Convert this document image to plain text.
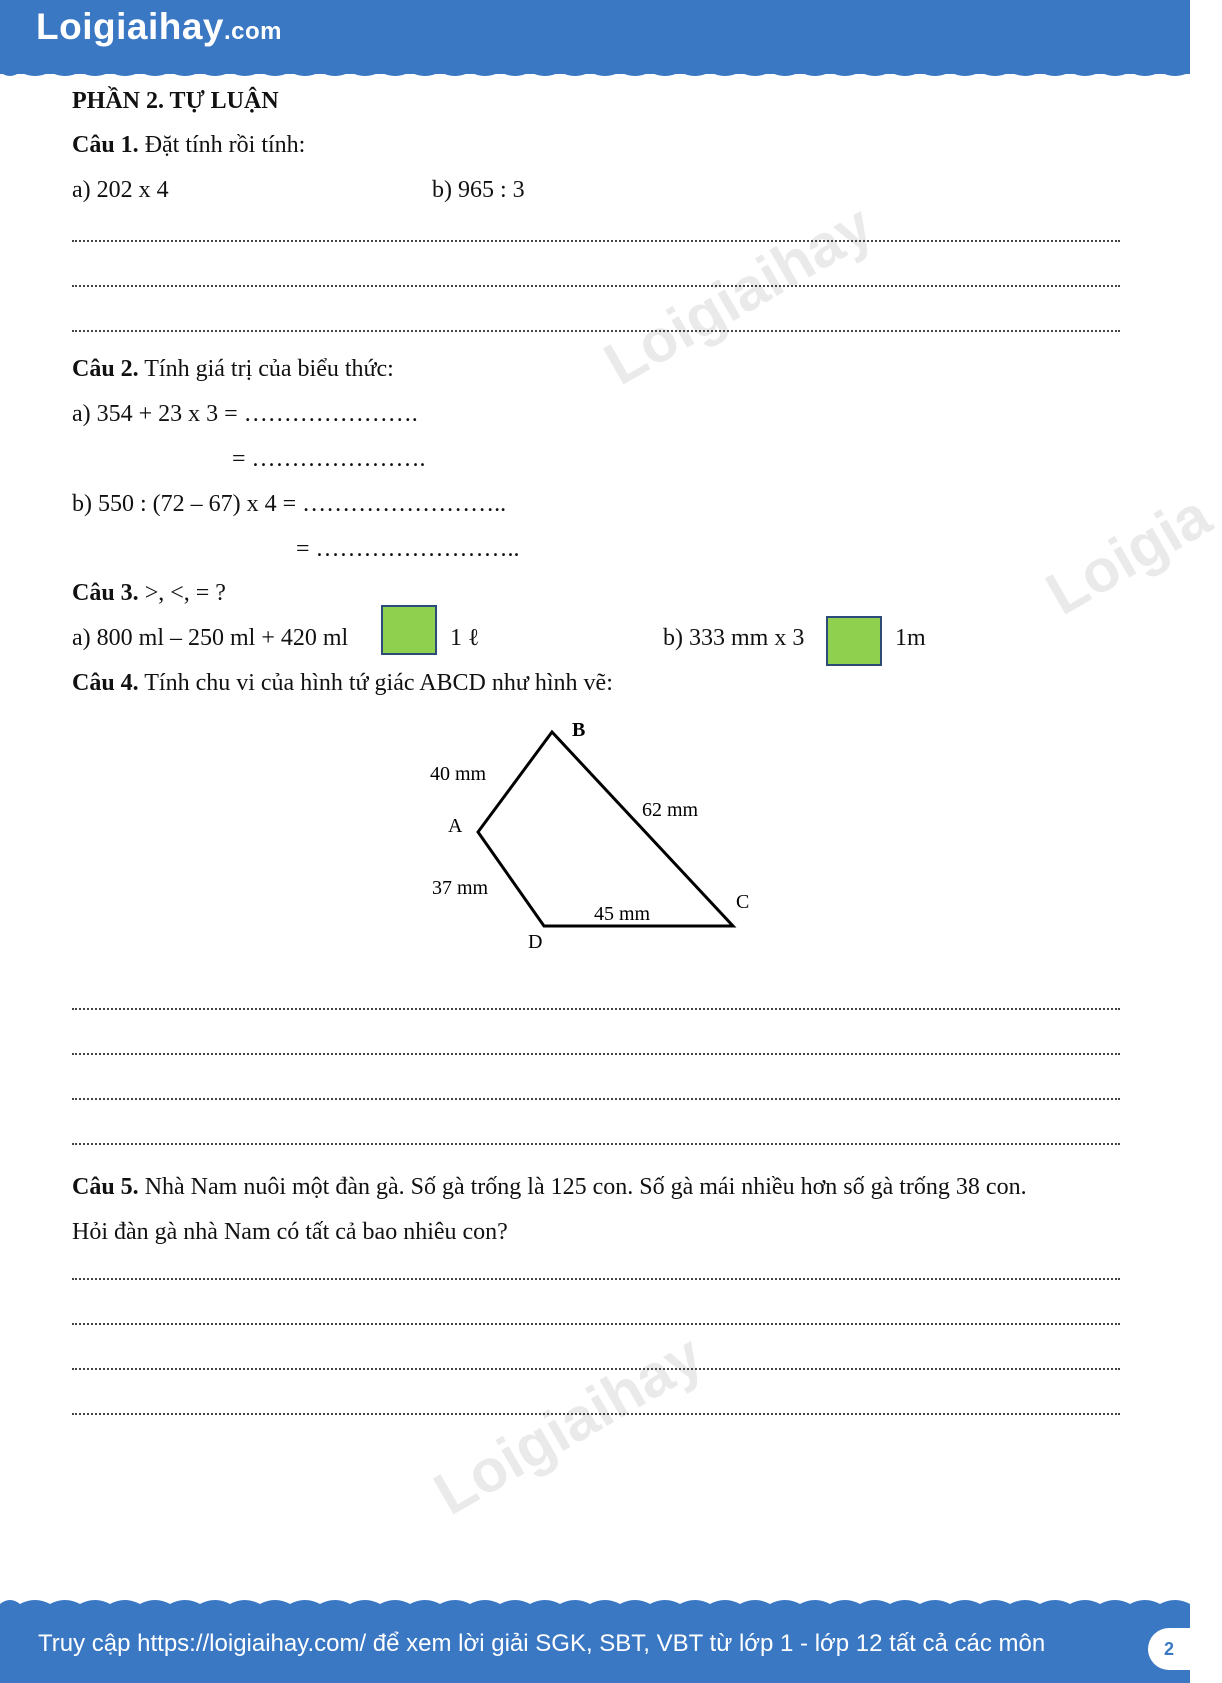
Loigiaihay.com
Loigiaihay
Loigia
Loigiaihay
PHẦN 2. TỰ LUẬN
Câu 1. Đặt tính rồi tính:
a) 202 x 4	b) 965 : 3
Câu 2. Tính giá trị của biểu thức:
a) 354 + 23 x 3 = ………………….
= ………………….
b) 550 : (72 – 67) x 4 = ……………………..
= ……………………..
Câu 3. >, <, = ?
a) 800 ml – 250 ml + 420 ml	1 ℓ	b) 333 mm x 3	1m
Câu 4. Tính chu vi của hình tứ giác ABCD như hình vẽ:
B
A
C
D
40 mm
62 mm
45 mm
37 mm
Câu 5. Nhà Nam nuôi một đàn gà. Số gà trống là 125 con. Số gà mái nhiều hơn số gà trống 38 con.
Hỏi đàn gà nhà Nam có tất cả bao nhiêu con?
Truy cập https://loigiaihay.com/ để xem lời giải SGK, SBT, VBT từ lớp 1 - lớp 12 tất cả các môn	2
